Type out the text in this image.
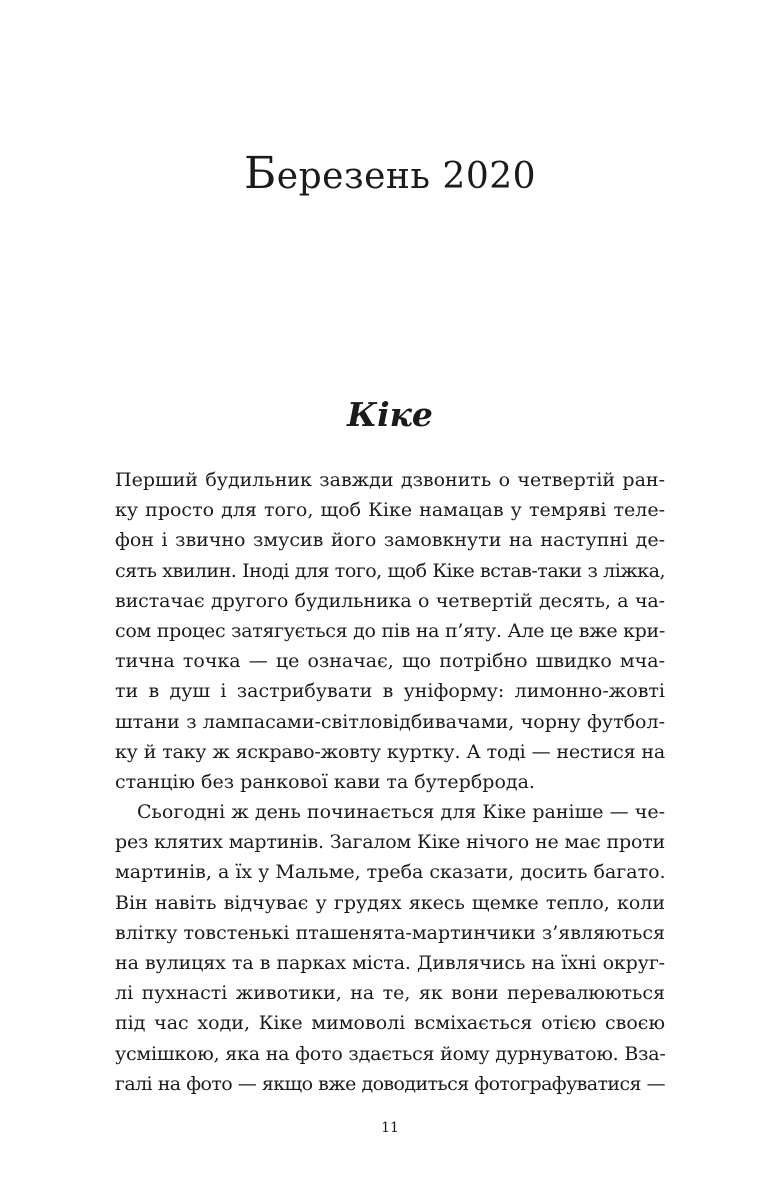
Березень 2020
Кіке
Перший будильник завжди дзвонить о четвертій ран-
ку просто для того, щоб Кіке намацав у темряві теле-
фон і звично змусив його замовкнути на наступні де-
сять хвилин. Іноді для того, щоб Кіке встав-таки з ліжка,
вистачає другого будильника о четвертій десять, а ча-
сом процес затягується до пів на п’яту. Але це вже кри-
тична точка — це означає, що потрібно швидко мча-
ти в душ і застрибувати в уніформу: лимонно-жовті
штани з лампасами-світловідбивачами, чорну футбол-
ку й таку ж яскраво-жовту куртку. А тоді — нестися на
станцію без ранкової кави та бутерброда.
Сьогодні ж день починається для Кіке раніше — че-
рез клятих мартинів. Загалом Кіке нічого не має проти
мартинів, а їх у Мальме, треба сказати, досить багато.
Він навіть відчуває у грудях якесь щемке тепло, коли
влітку товстенькі пташенята-мартинчики з’являються
на вулицях та в парках міста. Дивлячись на їхні округ-
лі пухнасті животики, на те, як вони перевалюються
під час ходи, Кіке мимоволі всміхається отією своєю
усмішкою, яка на фото здається йому дурнуватою. Вза-
галі на фото — якщо вже доводиться фотографуватися —
11
